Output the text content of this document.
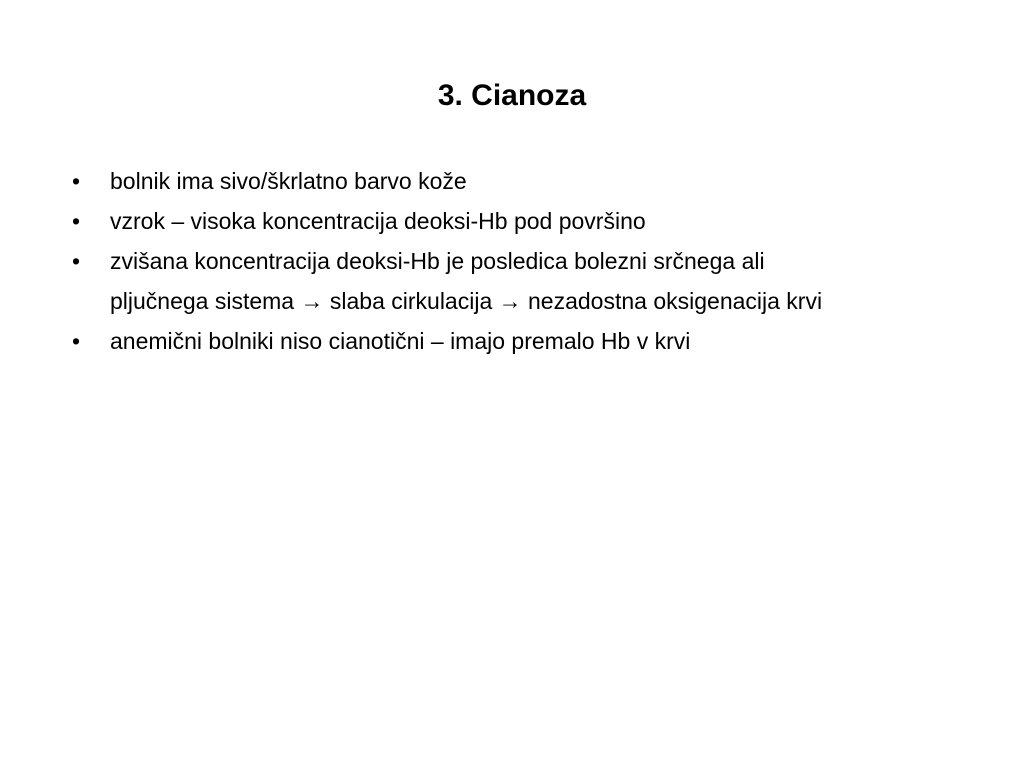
3. Cianoza
• bolnik ima sivo/škrlatno barvo kože
• vzrok – visoka koncentracija deoksi-Hb pod površino
• zvišana koncentracija deoksi-Hb je posledica bolezni srčnega ali
pljučnega sistema → slaba cirkulacija → nezadostna oksigenacija krvi
• anemični bolniki niso cianotični – imajo premalo Hb v krvi
